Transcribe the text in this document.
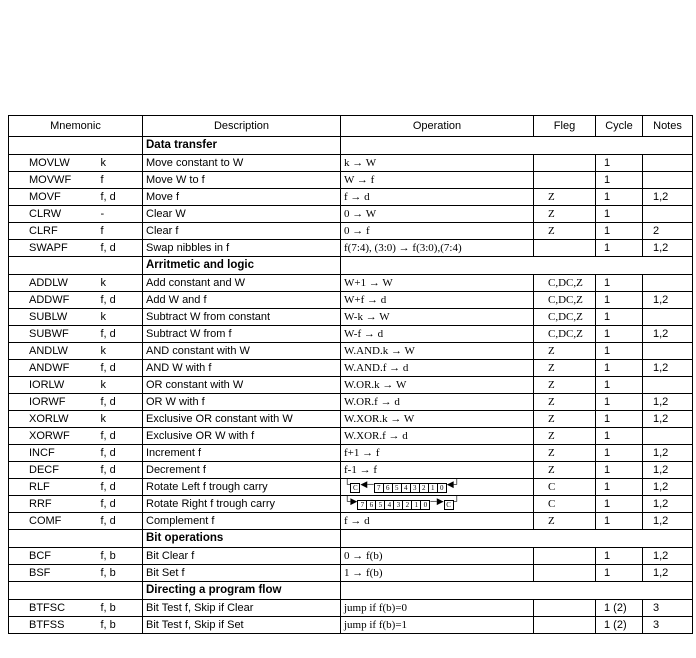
Mnemonic		Description	Operation	Fleg	Cycle	Notes
		Data transfer				
MOVLW	k	Move constant to W	k → W		1	
MOVWF	f	Move W to f	W → f		1	
MOVF	f, d	Move f	f → d	Z	1	1,2
CLRW	-	Clear W	0 → W	Z	1	
CLRF	f	Clear f	0 → f	Z	1	2
SWAPF	f, d	Swap nibbles in f	f(7:4), (3:0) → f(3:0),(7:4)		1	1,2
		Arritmetic and logic				
ADDLW	k	Add constant and W	W+1 → W	C,DC,Z	1	
ADDWF	f, d	Add W and f	W+f → d	C,DC,Z	1	1,2
SUBLW	k	Subtract W from constant	W-k → W	C,DC,Z	1	
SUBWF	f, d	Subtract W from f	W-f → d	C,DC,Z	1	1,2
ANDLW	k	AND constant with W	W.AND.k → W	Z	1	
ANDWF	f, d	AND W with f	W.AND.f → d	Z	1	1,2
IORLW	k	OR constant with W	W.OR.k → W	Z	1	
IORWF	f, d	OR W with f	W.OR.f → d	Z	1	1,2
XORLW	k	Exclusive OR constant with W	W.XOR.k → W	Z	1	1,2
XORWF	f, d	Exclusive OR W with f	W.XOR.f → d	Z	1	
INCF	f, d	Increment f	f+1 → f	Z	1	1,2
DECF	f, d	Decrement f	f-1 → f	Z	1	1,2
RLF	f, d	Rotate Left f trough carry	└ C ◀─ 7 6 5 4 3 2 1 0 ◀┘	C	1	1,2
RRF	f, d	Rotate Right f trough carry	└▶ 7 6 5 4 3 2 1 0 ─▶ C ┘	C	1	1,2
COMF	f, d	Complement f	f → d	Z	1	1,2
		Bit operations				
BCF	f, b	Bit Clear f	0 → f(b)		1	1,2
BSF	f, b	Bit Set f	1 → f(b)		1	1,2
		Directing a program flow				
BTFSC	f, b	Bit Test f, Skip if Clear	jump if f(b)=0		1 (2)	3
BTFSS	f, b	Bit Test f, Skip if Set	jump if f(b)=1		1 (2)	3
